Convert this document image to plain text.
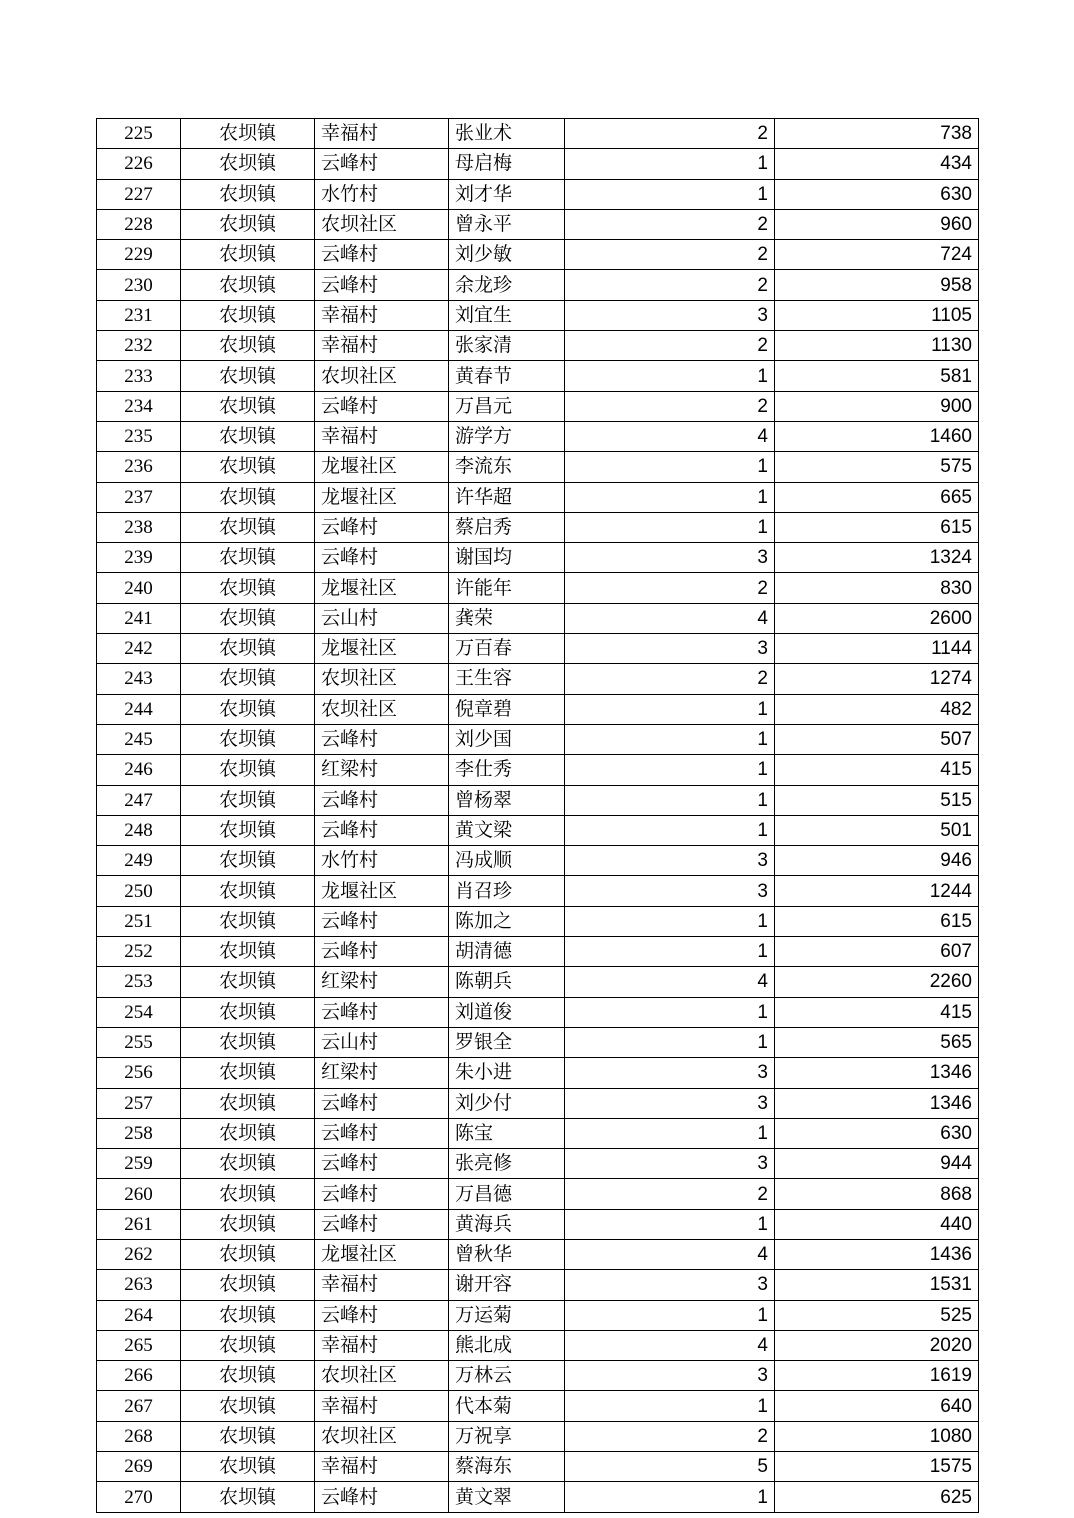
225	农坝镇	幸福村	张业术	2	738
226	农坝镇	云峰村	母启梅	1	434
227	农坝镇	水竹村	刘才华	1	630
228	农坝镇	农坝社区	曾永平	2	960
229	农坝镇	云峰村	刘少敏	2	724
230	农坝镇	云峰村	余龙珍	2	958
231	农坝镇	幸福村	刘宜生	3	1105
232	农坝镇	幸福村	张家清	2	1130
233	农坝镇	农坝社区	黄春节	1	581
234	农坝镇	云峰村	万昌元	2	900
235	农坝镇	幸福村	游学方	4	1460
236	农坝镇	龙堰社区	李流东	1	575
237	农坝镇	龙堰社区	许华超	1	665
238	农坝镇	云峰村	蔡启秀	1	615
239	农坝镇	云峰村	谢国均	3	1324
240	农坝镇	龙堰社区	许能年	2	830
241	农坝镇	云山村	龚荣	4	2600
242	农坝镇	龙堰社区	万百春	3	1144
243	农坝镇	农坝社区	王生容	2	1274
244	农坝镇	农坝社区	倪章碧	1	482
245	农坝镇	云峰村	刘少国	1	507
246	农坝镇	红梁村	李仕秀	1	415
247	农坝镇	云峰村	曾杨翠	1	515
248	农坝镇	云峰村	黄文梁	1	501
249	农坝镇	水竹村	冯成顺	3	946
250	农坝镇	龙堰社区	肖召珍	3	1244
251	农坝镇	云峰村	陈加之	1	615
252	农坝镇	云峰村	胡清德	1	607
253	农坝镇	红梁村	陈朝兵	4	2260
254	农坝镇	云峰村	刘道俊	1	415
255	农坝镇	云山村	罗银全	1	565
256	农坝镇	红梁村	朱小进	3	1346
257	农坝镇	云峰村	刘少付	3	1346
258	农坝镇	云峰村	陈宝	1	630
259	农坝镇	云峰村	张亮修	3	944
260	农坝镇	云峰村	万昌德	2	868
261	农坝镇	云峰村	黄海兵	1	440
262	农坝镇	龙堰社区	曾秋华	4	1436
263	农坝镇	幸福村	谢开容	3	1531
264	农坝镇	云峰村	万运菊	1	525
265	农坝镇	幸福村	熊北成	4	2020
266	农坝镇	农坝社区	万林云	3	1619
267	农坝镇	幸福村	代本菊	1	640
268	农坝镇	农坝社区	万祝享	2	1080
269	农坝镇	幸福村	蔡海东	5	1575
270	农坝镇	云峰村	黄文翠	1	625
